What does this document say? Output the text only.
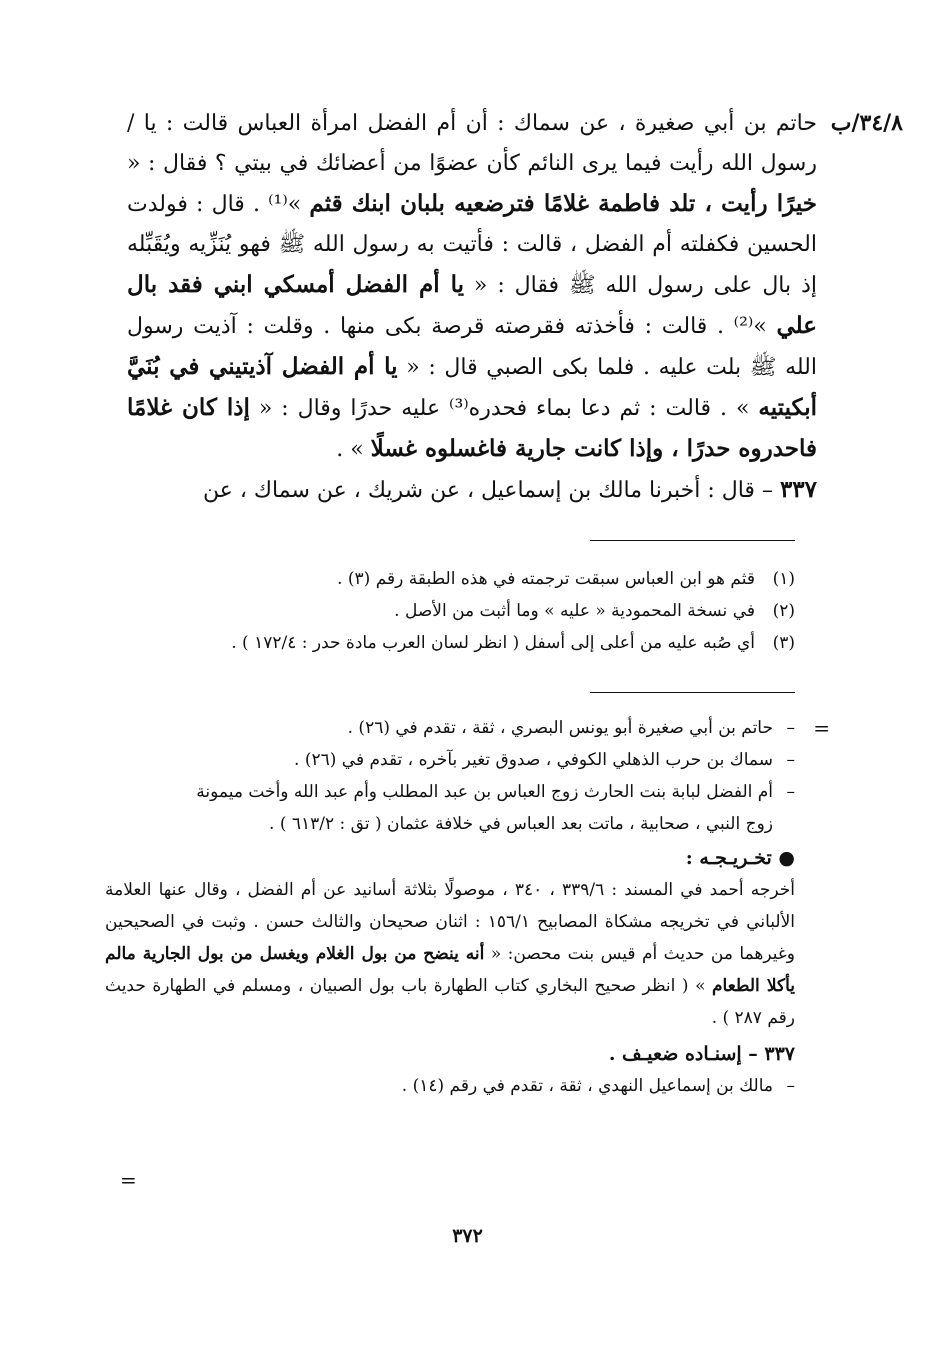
٣٤/٨/ب

حاتم بن أبي صغيرة ، عن سماك : أن أم الفضل امرأة العباس قالت : يا / رسول الله رأيت فيما يرى النائم كأن عضوًا من أعضائك في بيتي ؟ فقال : « خيرًا رأيت ، تلد فاطمة غلامًا فترضعيه بلبان ابنك قثم »⁽¹⁾ . قال : فولدت الحسين فكفلته أم الفضل ، قالت : فأتيت به رسول الله ﷺ فهو يُنَزِّيه ويُقَبِّله إذ بال على رسول الله ﷺ فقال : « يا أم الفضل أمسكي ابني فقد بال علي »⁽²⁾ . قالت : فأخذته فقرصته قرصة بكى منها . وقلت : آذيت رسول الله ﷺ بلت عليه . فلما بكى الصبي قال : « يا أم الفضل آذيتيني في بُنَيَّ أبكيتيه » . قالت : ثم دعا بماء فحدره⁽³⁾ عليه حدرًا وقال : « إذا كان غلامًا فاحدروه حدرًا ، وإذا كانت جارية فاغسلوه غسلًا » .

٣٣٧ – قال : أخبرنا مالك بن إسماعيل ، عن شريك ، عن سماك ، عن

(١)
قثم هو ابن العباس سبقت ترجمته في هذه الطبقة رقم (٣) .
(٢)
في نسخة المحمودية « عليه » وما أثبت من الأصل .
(٣)
أي صُبه عليه من أعلى إلى أسفل ( انظر لسان العرب مادة حدر : ١٧٢/٤ ) .
=
–
حاتم بن أبي صغيرة أبو يونس البصري ، ثقة ، تقدم في (٢٦) .
–
سماك بن حرب الذهلي الكوفي ، صدوق تغير بآخره ، تقدم في (٢٦) .
–
أم الفضل لبابة بنت الحارث زوج العباس بن عبد المطلب وأم عبد الله وأخت ميمونة
زوج النبي ، صحابية ، ماتت بعد العباس في خلافة عثمان ( تق : ٦١٣/٢ ) .
● تخـريـجـه :
أخرجه أحمد في المسند : ٣٣٩/٦ ، ٣٤٠ ، موصولًا بثلاثة أسانيد عن أم الفضل ، وقال عنها العلامة الألباني في تخريجه مشكاة المصابيح ١٥٦/١ : اثنان صحيحان والثالث حسن . وثبت في الصحيحين وغيرهما من حديث أم قيس بنت محصن: « أنه ينضح من بول الغلام ويغسل من بول الجارية مالم يأكلا الطعام » ( انظر صحيح البخاري كتاب الطهارة باب بول الصبيان ، ومسلم في الطهارة حديث رقم ٢٨٧ ) .
٣٣٧ – إسنـاده ضعيـف .
–
مالك بن إسماعيل النهدي ، ثقة ، تقدم في رقم (١٤) .
=
٣٧٢
